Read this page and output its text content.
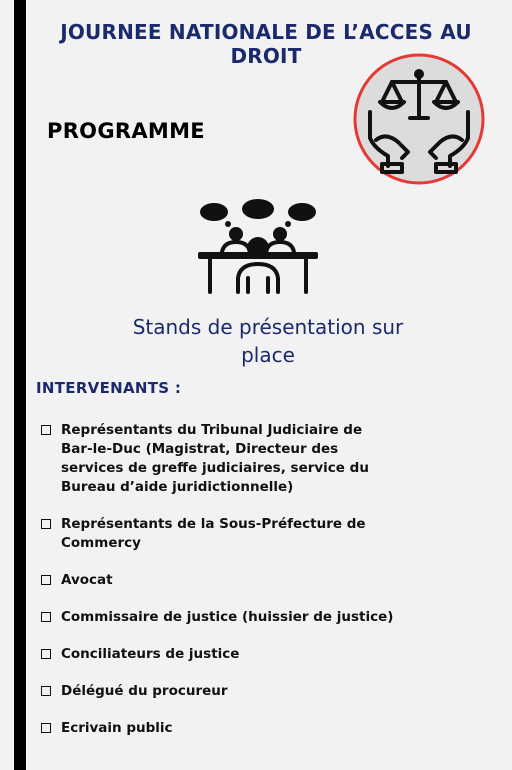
JOURNEE NATIONALE DE L’ACCES AU DROIT
PROGRAMME
Stands de présentation sur place
INTERVENANTS :
Représentants du Tribunal Judiciaire de Bar-le-Duc (Magistrat, Directeur des services de greffe judiciaires, service du Bureau d’aide juridictionnelle)
Représentants de la Sous-Préfecture de Commercy
Avocat
Commissaire de justice (huissier de justice)
Conciliateurs de justice
Délégué du procureur
Ecrivain public
